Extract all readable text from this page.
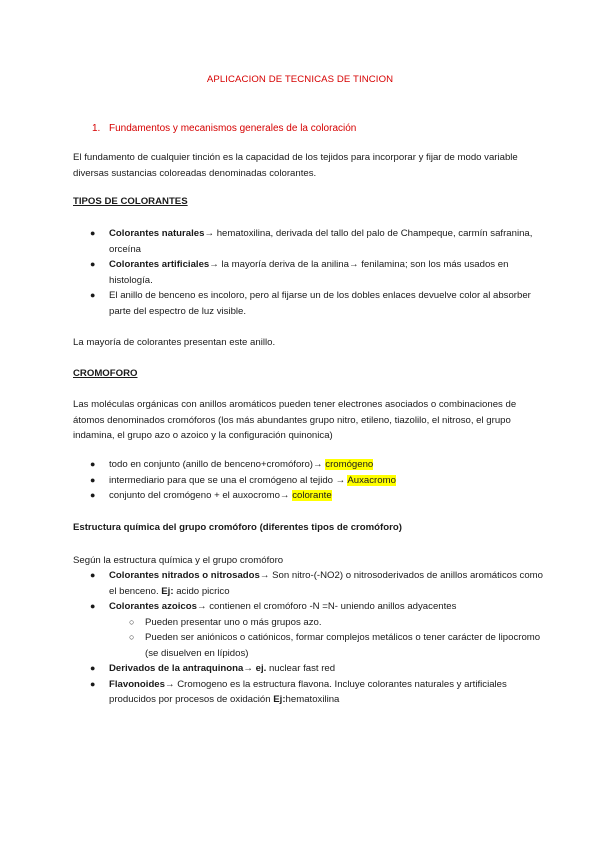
APLICACION DE TECNICAS DE TINCION
1. Fundamentos y mecanismos generales de la coloración

El fundamento de cualquier tinción es la capacidad de los tejidos para incorporar y fijar de modo variable diversas sustancias coloreadas denominadas colorantes.

TIPOS DE COLORANTES
● Colorantes naturales→ hematoxilina, derivada del tallo del palo de Champeque, carmín safranina, orceína
● Colorantes artificiales→ la mayoría deriva de la anilina→ fenilamina; son los más usados en histología.
● El anillo de benceno es incoloro, pero al fijarse un de los dobles enlaces devuelve color al absorber parte del espectro de luz visible.

La mayoría de colorantes presentan este anillo.

CROMOFORO

Las moléculas orgánicas con anillos aromáticos pueden tener electrones asociados o combinaciones de átomos denominados cromóforos (los más abundantes grupo nitro, etileno, tiazolilo, el nitroso, el grupo indamina, el grupo azo o azoico y la configuración quinonica)

● todo en conjunto (anillo de benceno+cromóforo)→ cromógeno
● intermediario para que se una el cromógeno al tejido → Auxacromo
● conjunto del cromógeno + el auxocromo→ colorante
Estructura química del grupo cromóforo (diferentes tipos de cromóforo)

Según la estructura química y el grupo cromóforo

● Colorantes nitrados o nitrosados→ Son nitro-(-NO2) o nitrosoderivados de anillos aromáticos como el benceno. Ej: acido picrico
● Colorantes azoicos→ contienen el cromóforo -N =N- uniendo anillos adyacentes
○ Pueden presentar uno o más grupos azo.
○ Pueden ser aniónicos o catiónicos, formar complejos metálicos o tener carácter de lipocromo (se disuelven en lípidos)
● Derivados de la antraquinona→ ej. nuclear fast red
● Flavonoides→ Cromogeno es la estructura flavona. Incluye colorantes naturales y artificiales producidos por procesos de oxidación Ej:hematoxilina
